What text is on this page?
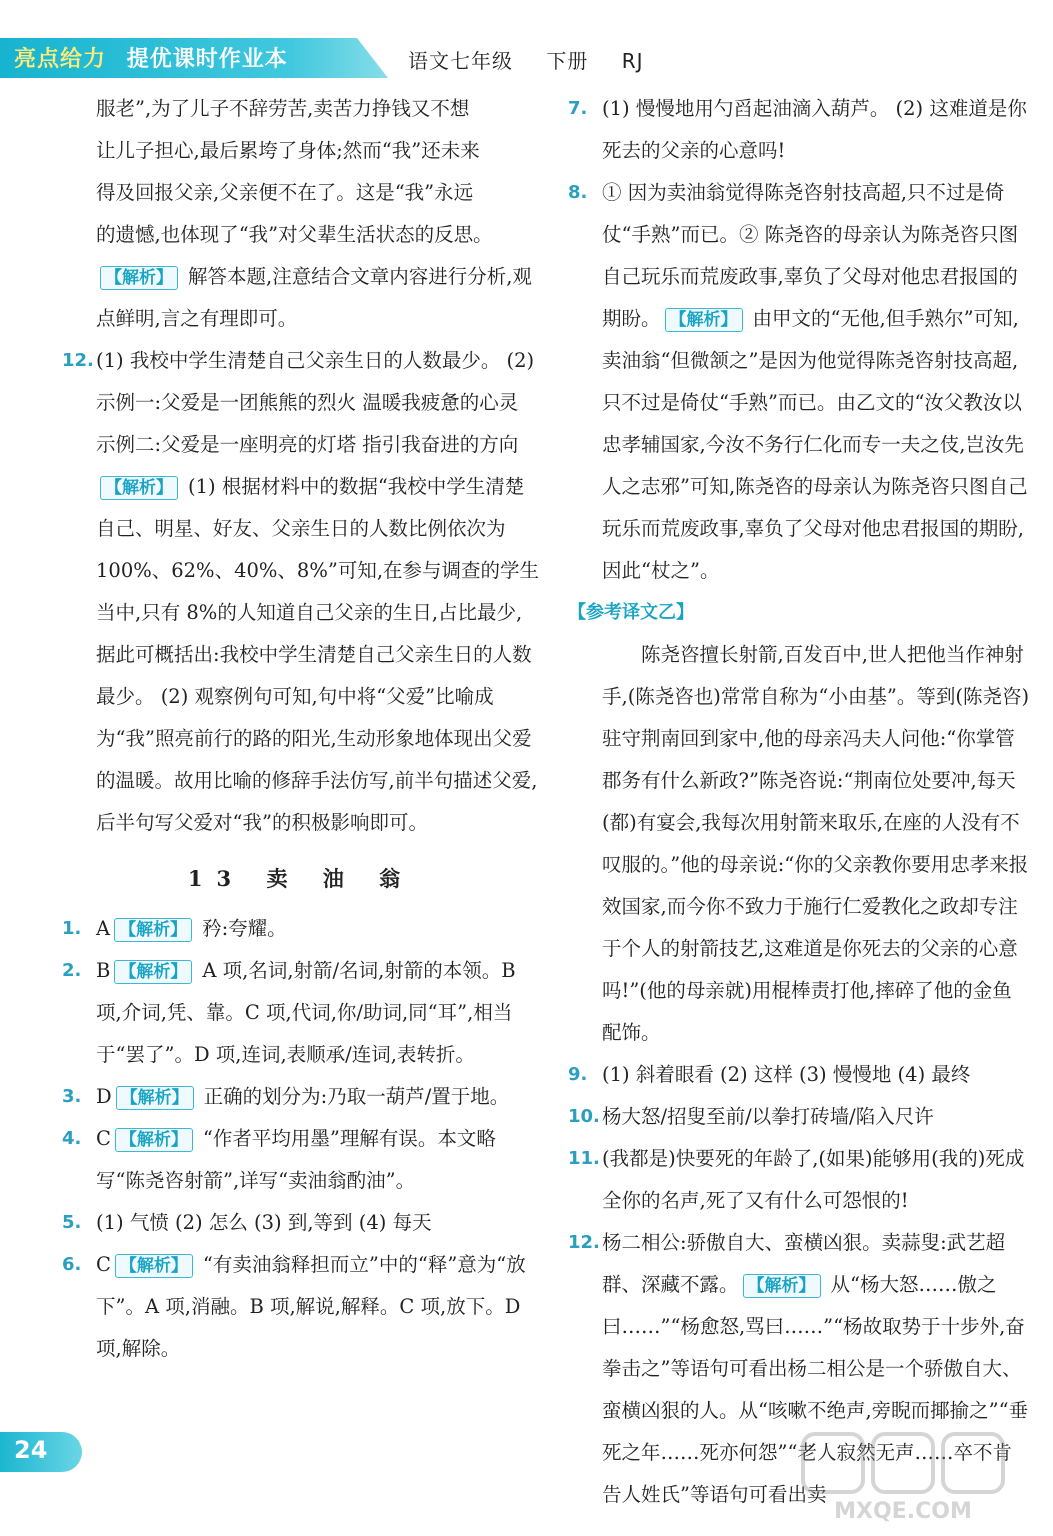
亮点给力 提优课时作业本	语文七年级 下册 RJ
服老”,为了儿子不辞劳苦,卖苦力挣钱又不想
让儿子担心,最后累垮了身体;然而“我”还未来
得及回报父亲,父亲便不在了。这是“我”永远
的遗憾,也体现了“我”对父辈生活状态的反思。
【解析】 解答本题,注意结合文章内容进行分析,观点鲜明,言之有理即可。
12. (1) 我校中学生清楚自己父亲生日的人数最少。 (2) 示例一:父爱是一团熊熊的烈火 温暖我疲惫的心灵 示例二:父爱是一座明亮的灯塔 指引我奋进的方向【解析】 (1) 根据材料中的数据“我校中学生清楚自己、明星、好友、父亲生日的人数比例依次为 100%、62%、40%、8%”可知,在参与调查的学生当中,只有 8%的人知道自己父亲的生日,占比最少,据此可概括出:我校中学生清楚自己父亲生日的人数最少。 (2) 观察例句可知,句中将“父爱”比喻成为“我”照亮前行的路的阳光,生动形象地体现出父爱的温暖。故用比喻的修辞手法仿写,前半句描述父爱,后半句写父爱对“我”的积极影响即可。
13 卖 油 翁
1. A 【解析】 矜:夸耀。
2. B 【解析】 A 项,名词,射箭/名词,射箭的本领。B 项,介词,凭、靠。C 项,代词,你/助词,同“耳”,相当于“罢了”。D 项,连词,表顺承/连词,表转折。
3. D 【解析】 正确的划分为:乃取一葫芦/置于地。
4. C 【解析】 “作者平均用墨”理解有误。本文略写“陈尧咨射箭”,详写“卖油翁酌油”。
5. (1) 气愤 (2) 怎么 (3) 到,等到 (4) 每天
6. C 【解析】 “有卖油翁释担而立”中的“释”意为“放下”。A 项,消融。B 项,解说,解释。C 项,放下。D 项,解除。
7. (1) 慢慢地用勺舀起油滴入葫芦。 (2) 这难道是你死去的父亲的心意吗!
8. ① 因为卖油翁觉得陈尧咨射技高超,只不过是倚仗“手熟”而已。② 陈尧咨的母亲认为陈尧咨只图自己玩乐而荒废政事,辜负了父母对他忠君报国的期盼。 【解析】 由甲文的“无他,但手熟尔”可知,卖油翁“但微颔之”是因为他觉得陈尧咨射技高超,只不过是倚仗“手熟”而已。由乙文的“汝父教汝以忠孝辅国家,今汝不务行仁化而专一夫之伎,岂汝先人之志邪”可知,陈尧咨的母亲认为陈尧咨只图自己玩乐而荒废政事,辜负了父母对他忠君报国的期盼,因此“杖之”。
【参考译文乙】
陈尧咨擅长射箭,百发百中,世人把他当作神射手,(陈尧咨也)常常自称为“小由基”。等到(陈尧咨)驻守荆南回到家中,他的母亲冯夫人问他:“你掌管郡务有什么新政?”陈尧咨说:“荆南位处要冲,每天(都)有宴会,我每次用射箭来取乐,在座的人没有不叹服的。”他的母亲说:“你的父亲教你要用忠孝来报效国家,而今你不致力于施行仁爱教化之政却专注于个人的射箭技艺,这难道是你死去的父亲的心意吗!”(他的母亲就)用棍棒责打他,摔碎了他的金鱼配饰。
9. (1) 斜着眼看 (2) 这样 (3) 慢慢地 (4) 最终
10. 杨大怒/招叟至前/以拳打砖墙/陷入尺许
11. (我都是)快要死的年龄了,(如果)能够用(我的)死成全你的名声,死了又有什么可怨恨的!
12. 杨二相公:骄傲自大、蛮横凶狠。卖蒜叟:武艺超群、深藏不露。 【解析】 从“杨大怒……傲之曰……”“杨愈怒,骂曰……”“杨故取势于十步外,奋拳击之”等语句可看出杨二相公是一个骄傲自大、蛮横凶狠的人。从“咳嗽不绝声,旁睨而揶揄之”“垂死之年……死亦何怨”“老人寂然无声……卒不肯告人姓氏”等语句可看出卖
24
MXQE.COM
